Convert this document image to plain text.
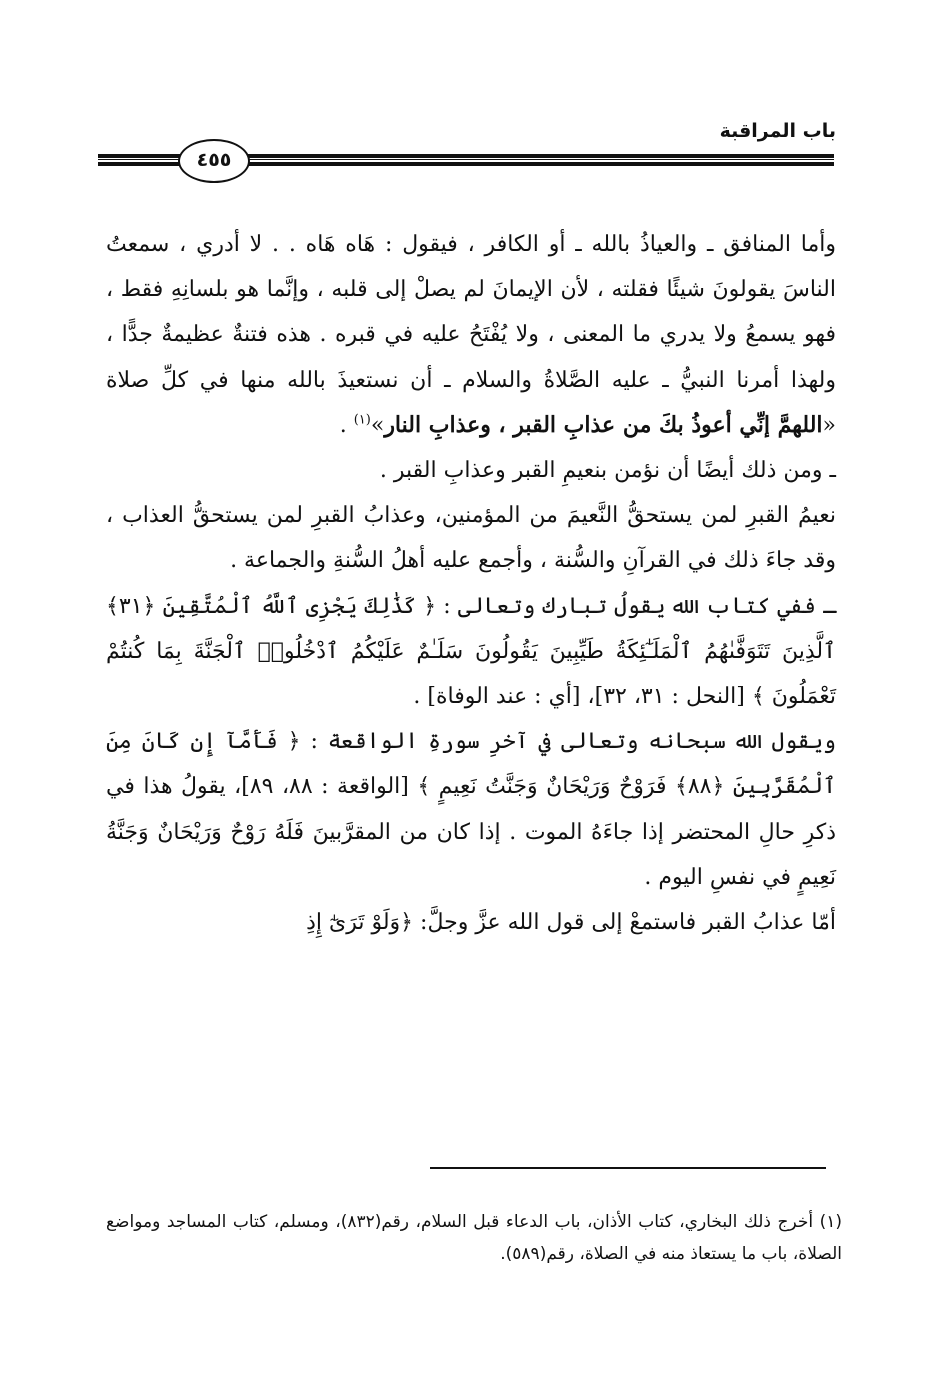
باب المراقبة
٤٥٥

وأما المنافق ـ والعياذُ بالله ـ أو الكافر ، فيقول : هَاه هَاه . . لا أدري ، سمعتُ الناسَ يقولونَ شيئًا فقلته ، لأن الإيمانَ لم يصلْ إلى قلبه ، وإنَّما هو بلسانِهِ فقط ، فهو يسمعُ ولا يدري ما المعنى ، ولا يُفْتَحُ عليه في قبره . هذه فتنةٌ عظيمةٌ جدًّا ، ولهذا أمرنا النبيُّ ـ عليه الصَّلاةُ والسلام ـ أن نستعيذَ بالله منها في كلِّ صلاة «اللهمَّ إنِّي أعوذُ بكَ من عذابِ القبر ، وعذابِ النار»$^{(١)}$ .

ـ ومن ذلك أيضًا أن نؤمن بنعيمِ القبر وعذابِ القبر .

نعيمُ القبرِ لمن يستحقُّ النَّعيمَ من المؤمنين، وعذابُ القبرِ لمن يستحقُّ العذاب ، وقد جاءَ ذلك في القرآنِ والسُّنة ، وأجمع عليه أهلُ السُّنةِ والجماعة .

ـ ففي كتاب الله يقولُ تبارك وتعالى : ﴿ كَذَٰلِكَ يَجْزِى ٱللَّهُ ٱلْمُتَّقِينَ ﴿٣١﴾ ٱلَّذِينَ تَتَوَفَّىٰهُمُ ٱلْمَلَـٰٓئِكَةُ طَيِّبِينَ يَقُولُونَ سَلَـٰمٌ عَلَيْكُمُ ٱدْخُلُوا۟ ٱلْجَنَّةَ بِمَا كُنتُمْ تَعْمَلُونَ ﴾ [النحل : ٣١، ٣٢]، [أي : عند الوفاة] .

ويقول الله سبحانه وتعالى في آخرِ سورةِ الواقعة : ﴿ فَأَمَّآ إِن كَانَ مِنَ ٱلْمُقَرَّبِينَ ﴿٨٨﴾ فَرَوْحٌ وَرَيْحَانٌ وَجَنَّتُ نَعِيمٍ ﴾ [الواقعة : ٨٨، ٨٩]، يقولُ هذا في ذكرِ حالِ المحتضر إذا جاءَهُ الموت . إذا كان من المقرَّبينَ فَلَهُ رَوْحٌ وَرَيْحَانٌ وَجَنَّةُ نَعِيمٍ في نفسِ اليوم .

أمّا عذابُ القبر فاستمعْ إلى قول الله عزَّ وجلَّ: ﴿وَلَوْ تَرَىٰٓ إِذِ

(١) أخرج ذلك البخاري، كتاب الأذان، باب الدعاء قبل السلام، رقم(٨٣٢)، ومسلم، كتاب المساجد ومواضع الصلاة، باب ما يستعاذ منه في الصلاة، رقم(٥٨٩).
